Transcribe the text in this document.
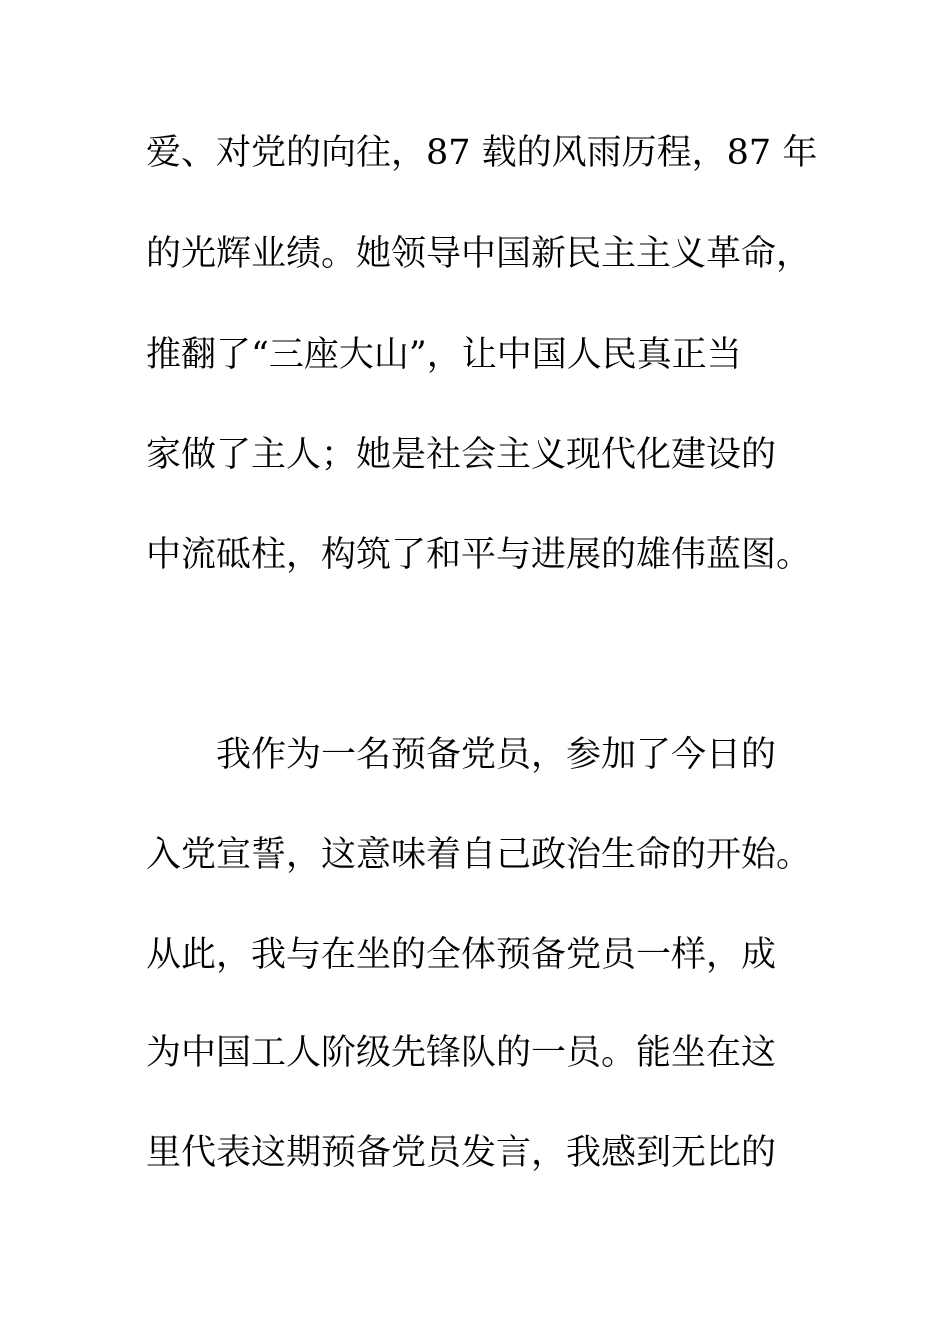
爱、对党的向往，87 载的风雨历程，87 年
的光辉业绩。她领导中国新民主主义革命，
推翻了“三座大山”，让中国人民真正当
家做了主人；她是社会主义现代化建设的
中流砥柱，构筑了和平与进展的雄伟蓝图。
我作为一名预备党员，参加了今日的
入党宣誓，这意味着自己政治生命的开始。
从此，我与在坐的全体预备党员一样，成
为中国工人阶级先锋队的一员。能坐在这
里代表这期预备党员发言，我感到无比的
